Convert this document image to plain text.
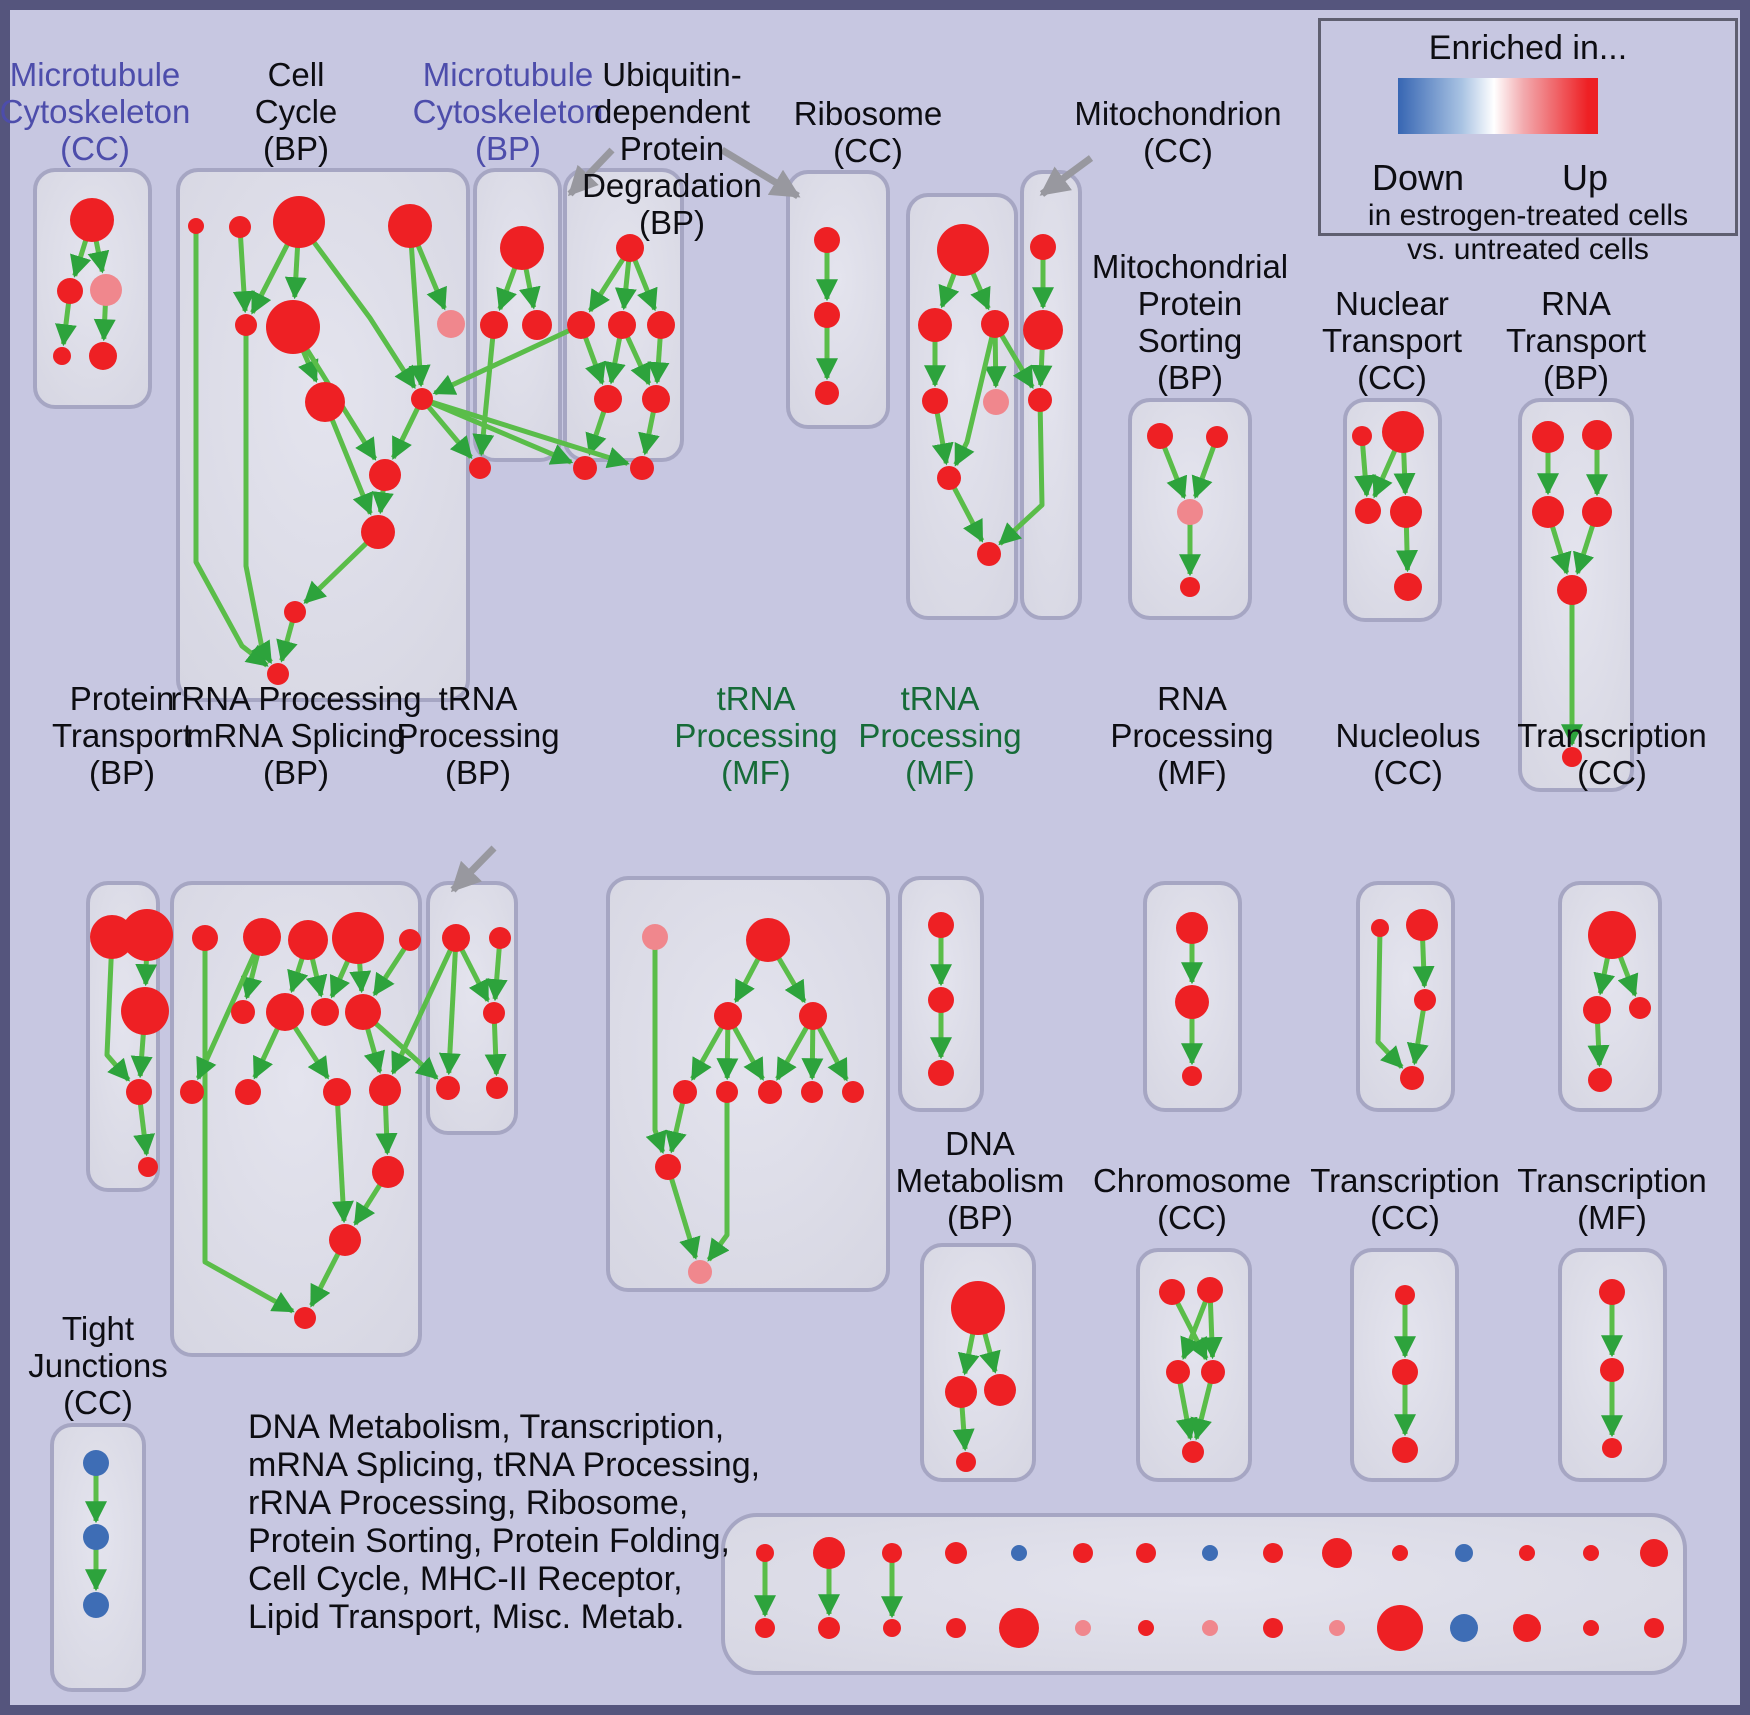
Enriched in...
Down	Up
in estrogen-treated cells
vs. untreated cells
DNA Metabolism, Transcription,
mRNA Splicing, tRNA Processing,
rRNA Processing, Ribosome,
Protein Sorting, Protein Folding,
Cell Cycle, MHC-II Receptor,
Lipid Transport, Misc. Metab.
Microtubule
Cytoskeleton
(CC)
Cell
Cycle
(BP)
Microtubule
Cytoskeleton
(BP)
Ubiquitin-
dependent
Protein
Degradation
(BP)
Ribosome
(CC)
Mitochondrion
(CC)
Mitochondrial
Protein
Sorting
(BP)
Nuclear
Transport
(CC)
RNA
Transport
(BP)
Protein
Transport
(BP)
rRNA Processing
mRNA Splicing
(BP)
tRNA
Processing
(BP)
tRNA
Processing
(MF)
tRNA
Processing
(MF)
RNA
Processing
(MF)
Nucleolus
(CC)
Transcription
(CC)
DNA
Metabolism
(BP)
Chromosome
(CC)
Transcription
(CC)
Transcription
(MF)
Tight
Junctions
(CC)
